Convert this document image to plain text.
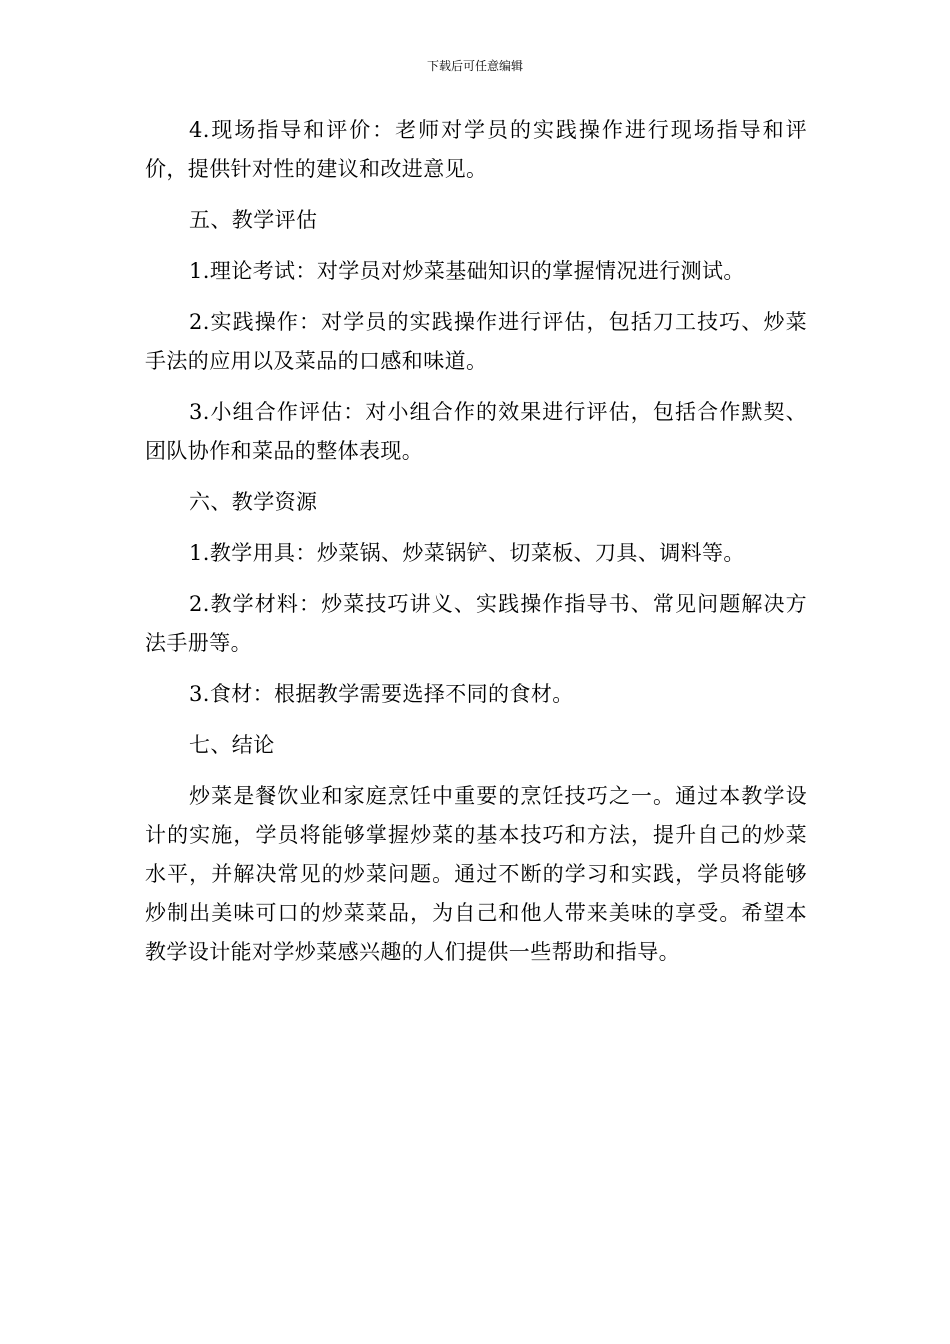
下载后可任意编辑

4.现场指导和评价：老师对学员的实践操作进行现场指导和评价，提供针对性的建议和改进意见。

五、教学评估

1.理论考试：对学员对炒菜基础知识的掌握情况进行测试。

2.实践操作：对学员的实践操作进行评估，包括刀工技巧、炒菜手法的应用以及菜品的口感和味道。

3.小组合作评估：对小组合作的效果进行评估，包括合作默契、团队协作和菜品的整体表现。

六、教学资源

1.教学用具：炒菜锅、炒菜锅铲、切菜板、刀具、调料等。

2.教学材料：炒菜技巧讲义、实践操作指导书、常见问题解决方法手册等。

3.食材：根据教学需要选择不同的食材。

七、结论

炒菜是餐饮业和家庭烹饪中重要的烹饪技巧之一。通过本教学设计的实施，学员将能够掌握炒菜的基本技巧和方法，提升自己的炒菜水平，并解决常见的炒菜问题。通过不断的学习和实践，学员将能够炒制出美味可口的炒菜菜品，为自己和他人带来美味的享受。希望本教学设计能对学炒菜感兴趣的人们提供一些帮助和指导。
